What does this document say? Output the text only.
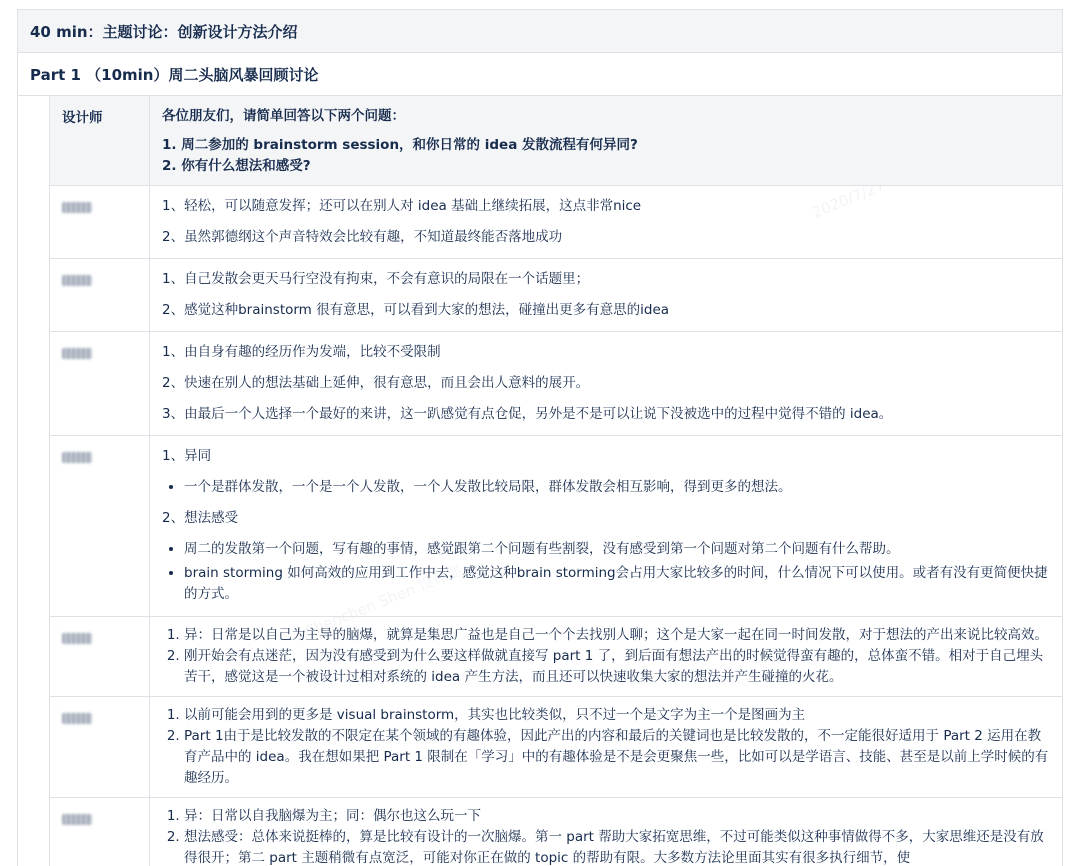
2020/7/27
Shenchen Shen 设计部
40 min：主题讨论：创新设计方法介绍
Part 1 （10min）周二头脑风暴回顾讨论
设计师	各位朋友们，请简单回答以下两个问题：
1. 周二参加的 brainstorm session，和你日常的 idea 发散流程有何异同?
2. 你有什么想法和感受?

1、轻松，可以随意发挥；还可以在别人对 idea 基础上继续拓展，这点非常nice

2、虽然郭德纲这个声音特效会比较有趣，不知道最终能否落地成功

1、自己发散会更天马行空没有拘束，不会有意识的局限在一个话题里；

2、感觉这种brainstorm 很有意思，可以看到大家的想法，碰撞出更多有意思的idea

1、由自身有趣的经历作为发端，比较不受限制

2、快速在别人的想法基础上延伸，很有意思，而且会出人意料的展开。

3、由最后一个人选择一个最好的来讲，这一趴感觉有点仓促，另外是不是可以让说下没被选中的过程中觉得不错的 idea。

1、异同

• 一个是群体发散，一个是一个人发散，一个人发散比较局限，群体发散会相互影响，得到更多的想法。

2、想法感受

• 周二的发散第一个问题，写有趣的事情，感觉跟第二个问题有些割裂，没有感受到第一个问题对第二个问题有什么帮助。
• brain storming 如何高效的应用到工作中去，感觉这种brain storming会占用大家比较多的时间，什么情况下可以使用。或者有没有更简便快捷的方式。
1. 异：日常是以自己为主导的脑爆，就算是集思广益也是自己一个个去找别人聊；这个是大家一起在同一时间发散，对于想法的产出来说比较高效。
2. 刚开始会有点迷茫，因为没有感受到为什么要这样做就直接写 part 1 了，到后面有想法产出的时候觉得蛮有趣的，总体蛮不错。相对于自己埋头苦干，感觉这是一个被设计过相对系统的 idea 产生方法，而且还可以快速收集大家的想法并产生碰撞的火花。
1. 以前可能会用到的更多是 visual brainstorm，其实也比较类似，只不过一个是文字为主一个是图画为主
2. Part 1由于是比较发散的不限定在某个领域的有趣体验，因此产出的内容和最后的关键词也是比较发散的，不一定能很好适用于 Part 2 运用在教育产品中的 idea。我在想如果把 Part 1 限制在「学习」中的有趣体验是不是会更聚焦一些，比如可以是学语言、技能、甚至是以前上学时候的有趣经历。
1. 异：日常以自我脑爆为主；同：偶尔也这么玩一下
2. 想法感受：总体来说挺棒的，算是比较有设计的一次脑爆。第一 part 帮助大家拓宽思维，不过可能类似这种事情做得不多，大家思维还是没有放得很开；第二 part 主题稍微有点宽泛，可能对你正在做的 topic 的帮助有限。大多数方法论里面其实有很多执行细节，使
